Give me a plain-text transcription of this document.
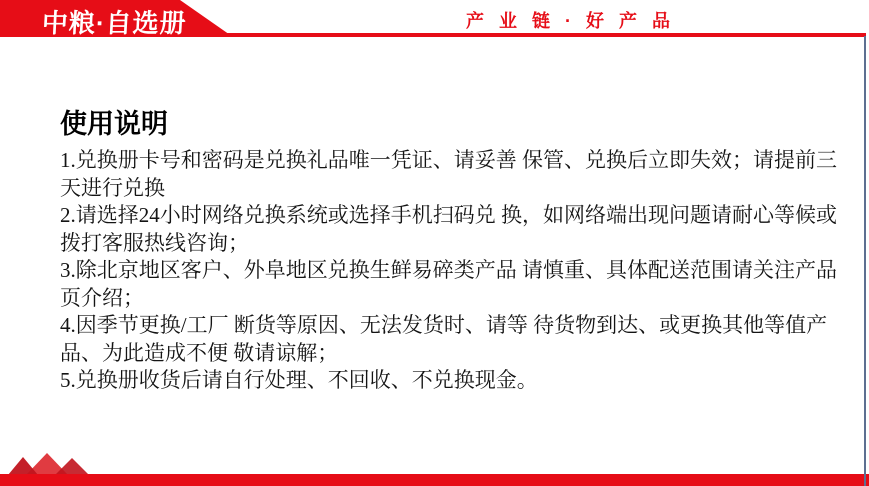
中粮·自选册	产 业 链 · 好 产 品
使用说明

1.兑换册卡号和密码是兑换礼品唯一凭证、请妥善 保管、兑换后立即失效；请提前三天进行兑换

2.请选择24小时网络兑换系统或选择手机扫码兑 换，如网络端出现问题请耐心等候或拨打客服热线咨询；

3.除北京地区客户、外阜地区兑换生鲜易碎类产品 请慎重、具体配送范围请关注产品页介绍；

4.因季节更换/工厂 断货等原因、无法发货时、请等 待货物到达、或更换其他等值产品、为此造成不便 敬请谅解；

5.兑换册收货后请自行处理、不回收、不兑换现金。
